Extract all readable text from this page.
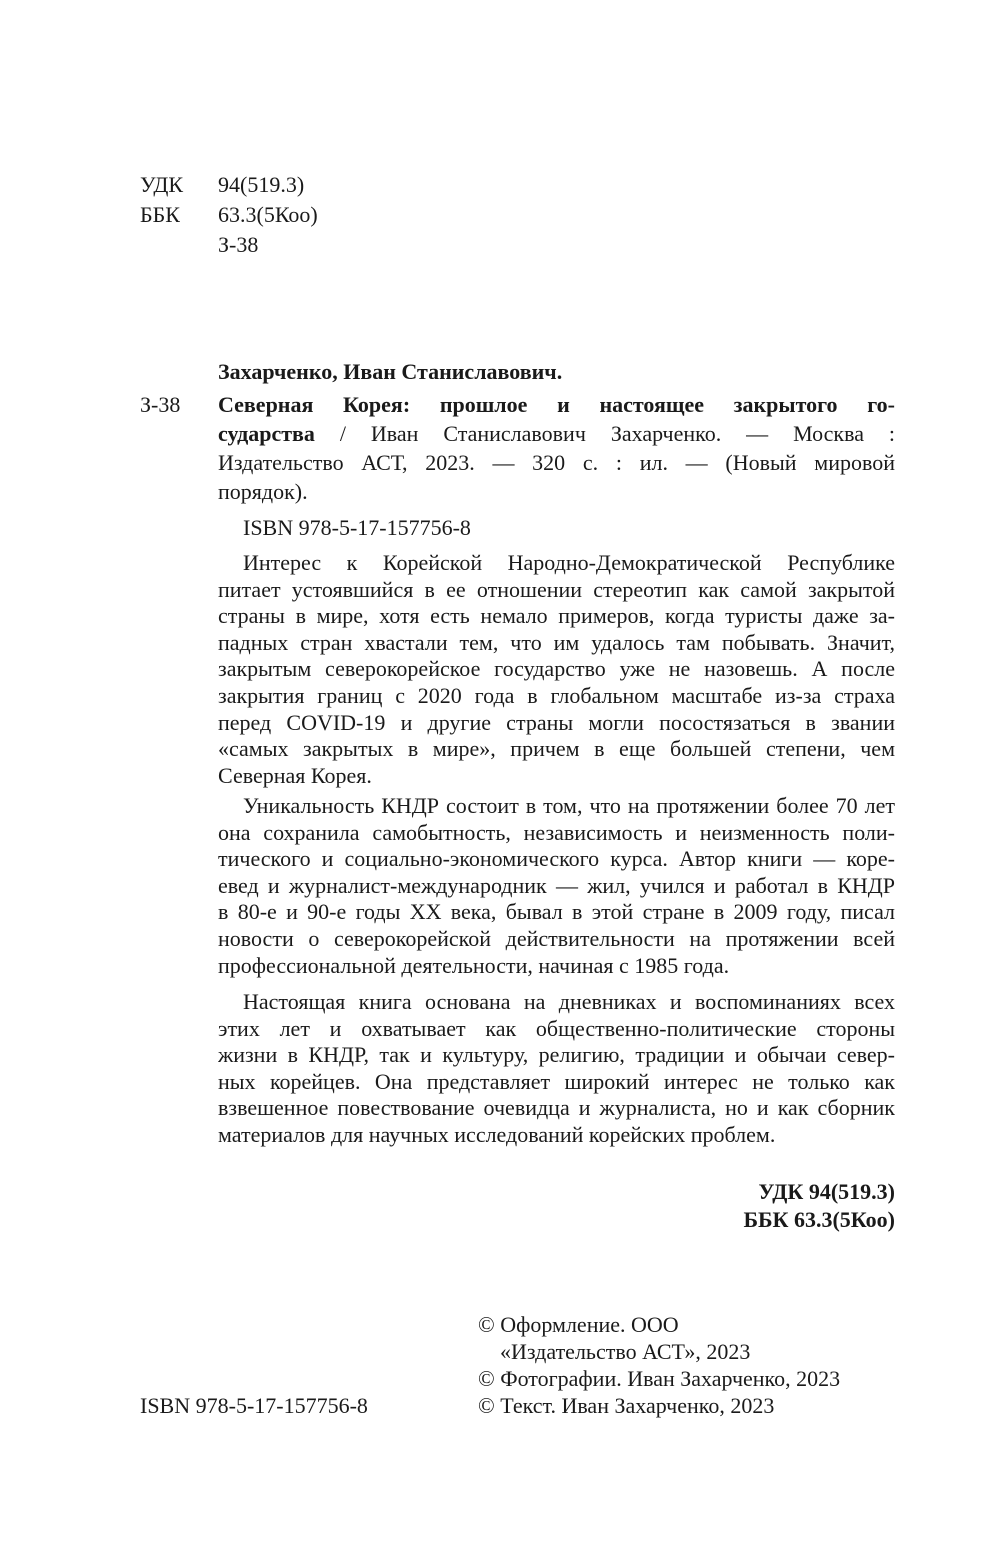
УДК 94(519.3)
ББК 63.3(5Коо)
З-38
Захарченко, Иван Станиславович.
З-38 Северная Корея: прошлое и настоящее закрытого го-
сударства / Иван Станиславович Захарченко. — Москва :
Издательство АСТ, 2023. — 320 с. : ил. — (Новый мировой
порядок).
ISBN 978-5-17-157756-8
Интерес к Корейской Народно-Демократической Республике
питает устоявшийся в ее отношении стереотип как самой закрытой
страны в мире, хотя есть немало примеров, когда туристы даже за-
падных стран хвастали тем, что им удалось там побывать. Значит,
закрытым северокорейское государство уже не назовешь. А после
закрытия границ с 2020 года в глобальном масштабе из-за страха
перед COVID-19 и другие страны могли посостязаться в звании
«самых закрытых в мире», причем в еще большей степени, чем
Северная Корея.
Уникальность КНДР состоит в том, что на протяжении более 70 лет
она сохранила самобытность, независимость и неизменность поли-
тического и социально-экономического курса. Автор книги — коре-
евед и журналист-международник — жил, учился и работал в КНДР
в 80-е и 90-е годы XX века, бывал в этой стране в 2009 году, писал
новости о северокорейской действительности на протяжении всей
профессиональной деятельности, начиная с 1985 года.
Настоящая книга основана на дневниках и воспоминаниях всех
этих лет и охватывает как общественно-политические стороны
жизни в КНДР, так и культуру, религию, традиции и обычаи север-
ных корейцев. Она представляет широкий интерес не только как
взвешенное повествование очевидца и журналиста, но и как сборник
материалов для научных исследований корейских проблем.
УДК 94(519.3)
ББК 63.3(5Коо)
© Оформление. ООО
«Издательство АСТ», 2023
© Фотографии. Иван Захарченко, 2023
© Текст. Иван Захарченко, 2023
ISBN 978-5-17-157756-8
